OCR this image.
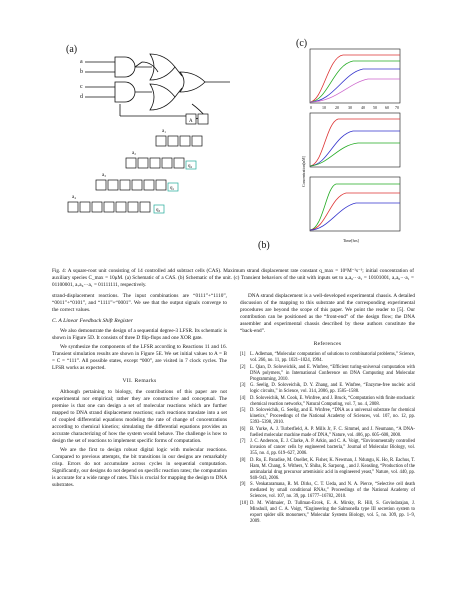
(a)
(b)
(c)
a
b
c
d
A
a₁
a₂
a₃
a₄
q₁
q₂
q₃
0	10 20 30 40 50 60 70
Time[hrs]
Concentration[nM]
Fig. 4: A square-root unit consisting of 14 controlled add subtract cells (CAS). Maximum strand displacement rate constant q_max = 10⁶M⁻¹s⁻¹; initial concentration of auxiliary species C_max = 10μM. (a) Schematic of a CAS. (b) Schematic of the unit. (c) Transient behaviors of the unit with inputs set to a₇a₆···a₁ = 10101001, a₇a₆···a₁ = 01100001, a₇a₆···a₁ = 01111111, respectively.

strand-displacement reactions. The input combinations are “0111”+“1110”, “0011”+“0101”, and “1111”+“0001”. We see that the output signals converge to the correct values.

C. A Linear Feedback Shift Register

We also demonstrate the design of a sequential degree-3 LFSR. Its schematic is shown in Figure 5D. It consists of three D flip-flops and one XOR gate.

We synthesize the components of the LFSR according to Reactions 11 and 16. Transient simulation results are shown in Figure 5E. We set initial values to A = B = C = “111”. All possible states, except “000”, are visited in 7 clock cycles. The LFSR works as expected.

VII. Remarks

Although pertaining to biology, the contributions of this paper are not experimental nor empirical; rather they are constructive and conceptual. The premise is that one can design a set of molecular reactions which are further mapped to DNA strand displacement reactions; such reactions translate into a set of coupled differential equations modeling the rate of change of concentrations according to chemical kinetics; simulating the differential equations provides an accurate characterizing of how the system would behave. The challenge is how to design the set of reactions to implement specific forms of computation.

We are the first to design robust digital logic with molecular reactions. Compared to previous attempts, the bit transitions in our designs are remarkably crisp. Errors do not accumulate across cycles in sequential computation. Significantly, our designs do not depend on specific reaction rates; the computation is accurate for a wide range of rates. This is crucial for mapping the design to DNA substrates.

DNA strand displacement is a well-developed experimental chassis. A detailed discussion of the mapping to this substrate and the corresponding experimental procedures are beyond the scope of this paper. We point the reader to [5]. Our contribution can be positioned as the “front-end” of the design flow; the DNA assembler and experimental chassis described by these authors constitute the “back-end”.

References
[1] L. Adleman, “Molecular computation of solutions to combinatorial problems,” Science, vol. 266, no. 11, pp. 1021–1024, 1994.
[2] L. Qian, D. Soloveichik, and E. Winfree, “Efficient turing-universal computation with DNA polymers,” in International Conference on DNA Computing and Molecular Programming, 2010.
[3] G. Seelig, D. Soloveichik, D. Y. Zhang, and E. Winfree, “Enzyme-free nucleic acid logic circuits,” in Science, vol. 314, 2006, pp. 1585–1588.
[4] D. Soloveichik, M. Cook, E. Winfree, and J. Bruck, “Computation with finite stochastic chemical reaction networks,” Natural Computing, vol. 7, no. 4, 2008.
[5] D. Soloveichik, G. Seelig, and E. Winfree, “DNA as a universal substrate for chemical kinetics,” Proceedings of the National Academy of Sciences, vol. 107, no. 12, pp. 5393–5398, 2010.
[6] B. Yurke, A. J. Turberfield, A. P. Mills Jr, F. C. Simmel, and J. Neumann, “A DNA-fuelled molecular machine made of DNA,” Nature, vol. 406, pp. 605–608, 2000.
[7] J. C. Anderson, E. J. Clarke, A. P. Arkin, and C. A. Voigt, “Environmentally controlled invasion of cancer cells by engineered bacteria,” Journal of Molecular Biology, vol. 355, no. 4, pp. 619–627, 2006.
[8] D. Ro, E. Paradise, M. Ouellet, K. Fisher, K. Newman, J. Ndungu, K. Ho, R. Eachus, T. Ham, M. Chang, S. Withers, Y. Shiba, R. Sarpong, , and J. Keasling, “Production of the antimalarial drug precursor artemisinic acid in engineered yeast,” Nature, vol. 440, pp. 940–943, 2006.
[9] S. Venkataramana, R. M. Dirks, C. T. Ueda, and N. A. Pierce, “Selective cell death mediated by small conditional RNAs,” Proceedings of the National Academy of Sciences, vol. 107, no. 39, pp. 16777–16782, 2010.
[10] D. M. Widmaier, D. Tullman-Ercek, E. A. Mirsky, R. Hill, S. Govindarajan, J. Minshull, and C. A. Voigt, “Engineering the Salmonella type III secretion system to export spider silk monomers,” Molecular Systems Biology, vol. 5, no. 309, pp. 1–9, 2009.
